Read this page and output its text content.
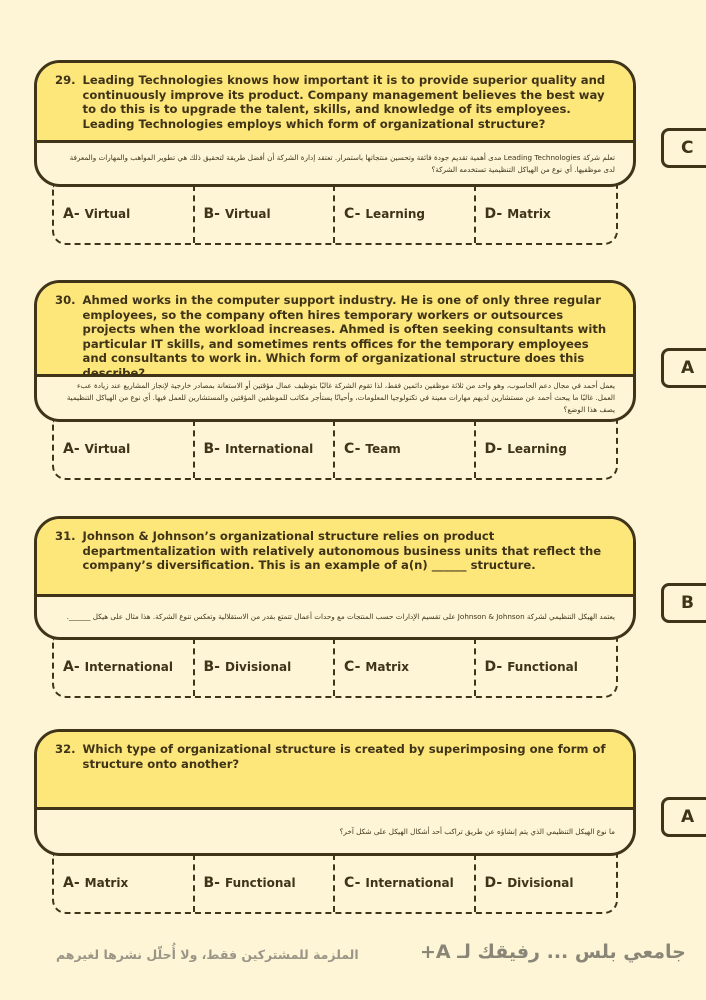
29. Leading Technologies knows how important it is to provide superior quality and continuously improve its product. Company management believes the best way to do this is to upgrade the talent, skills, and knowledge of its employees. Leading Technologies employs which form of organizational structure?
تعلم شركة Leading Technologies مدى أهمية تقديم جودة فائقة وتحسين منتجاتها باستمرار. تعتقد إدارة الشركة أن أفضل طريقة لتحقيق ذلك هي تطوير المواهب والمهارات والمعرفة لدى موظفيها. أي نوع من الهياكل التنظيمية تستخدمه الشركة؟
A- Virtual	B- Virtual	C- Learning	D- Matrix
C
30. Ahmed works in the computer support industry. He is one of only three regular employees, so the company often hires temporary workers or outsources projects when the workload increases. Ahmed is often seeking consultants with particular IT skills, and sometimes rents offices for the temporary employees and consultants to work in. Which form of organizational structure does this describe?
يعمل أحمد في مجال دعم الحاسوب، وهو واحد من ثلاثة موظفين دائمين فقط، لذا تقوم الشركة غالبًا بتوظيف عمال مؤقتين أو الاستعانة بمصادر خارجية لإنجاز المشاريع عند زيادة عبء العمل. غالبًا ما يبحث أحمد عن مستشارين لديهم مهارات معينة في تكنولوجيا المعلومات، وأحيانًا يستأجر مكاتب للموظفين المؤقتين والمستشارين للعمل فيها. أي نوع من الهياكل التنظيمية يصف هذا الوضع؟
A- Virtual	B- International C- Team	D- Learning
A
31. Johnson & Johnson’s organizational structure relies on product departmentalization with relatively autonomous business units that reflect the company’s diversification. This is an example of a(n) ______ structure.
يعتمد الهيكل التنظيمي لشركة Johnson & Johnson على تقسيم الإدارات حسب المنتجات مع وحدات أعمال تتمتع بقدر من الاستقلالية وتعكس تنوع الشركة. هذا مثال على هيكل ______.
A- International B- Divisional	C- Matrix	D- Functional
B
32. Which type of organizational structure is created by superimposing one form of structure onto another?
ما نوع الهيكل التنظيمي الذي يتم إنشاؤه عن طريق تراكب أحد أشكال الهيكل على شكل آخر؟
A- Matrix	B- Functional	C- International D- Divisional
A
الملزمة للمشتركين فقط، ولا أُحلّل نشرها لغيرهم	جامعي بلس ... رفيقك لـ A+
